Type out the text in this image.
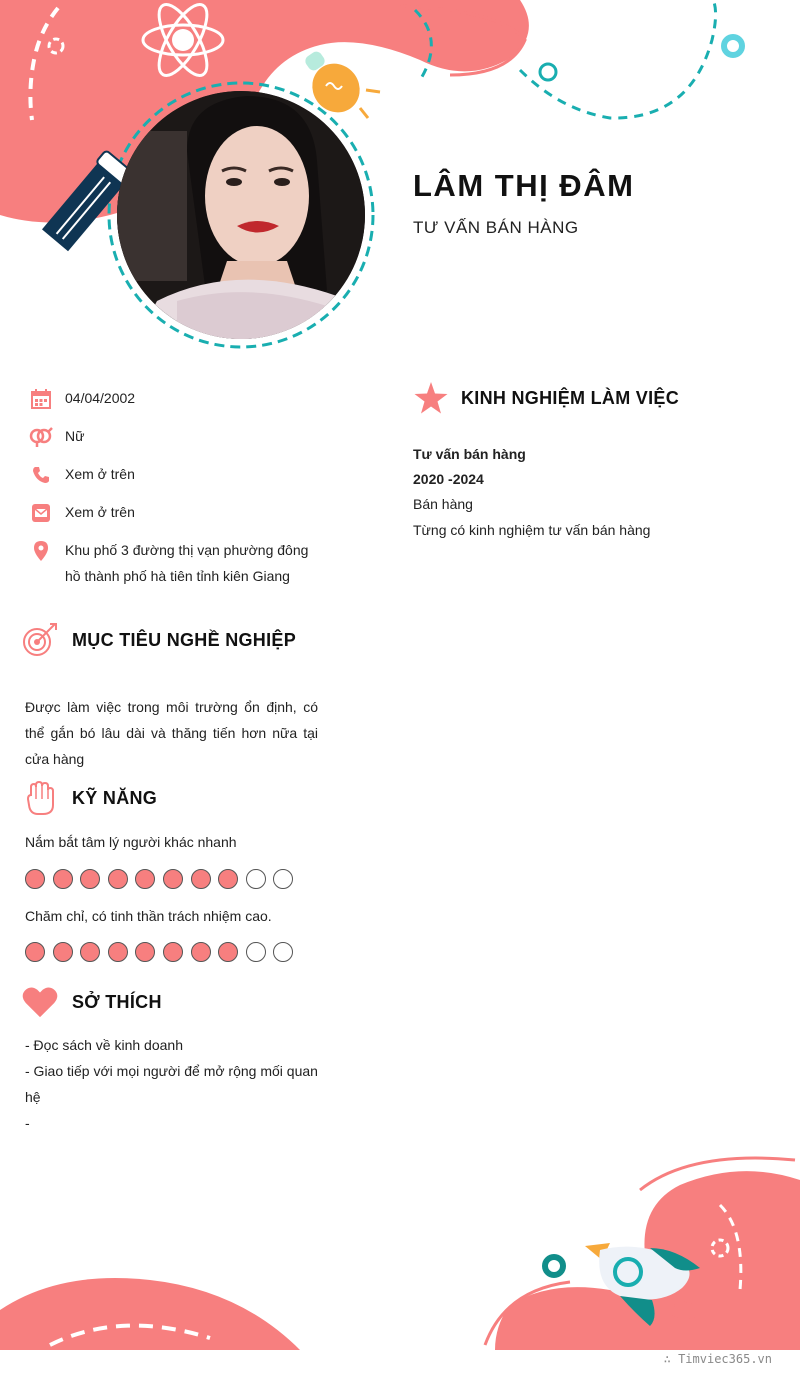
LÂM THỊ ĐÂM
TƯ VẤN BÁN HÀNG
04/04/2002
Nữ
Xem ở trên
Xem ở trên
Khu phố 3 đường thị vạn phường đông hồ thành phố hà tiên tỉnh kiên Giang
MỤC TIÊU NGHỀ NGHIỆP
Được làm việc trong môi trường ổn định, có thể gắn bó lâu dài và thăng tiến hơn nữa tại cửa hàng
KỸ NĂNG
Nắm bắt tâm lý người khác nhanh
Chăm chỉ, có tinh thần trách nhiệm cao.
SỞ THÍCH
- Đọc sách về kinh doanh
- Giao tiếp với mọi người để mở rộng mối quan hệ
-
KINH NGHIỆM LÀM VIỆC
Tư vấn bán hàng
2020 -2024
Bán hàng
Từng có kinh nghiệm tư vấn bán hàng
∴ Timviec365.vn
